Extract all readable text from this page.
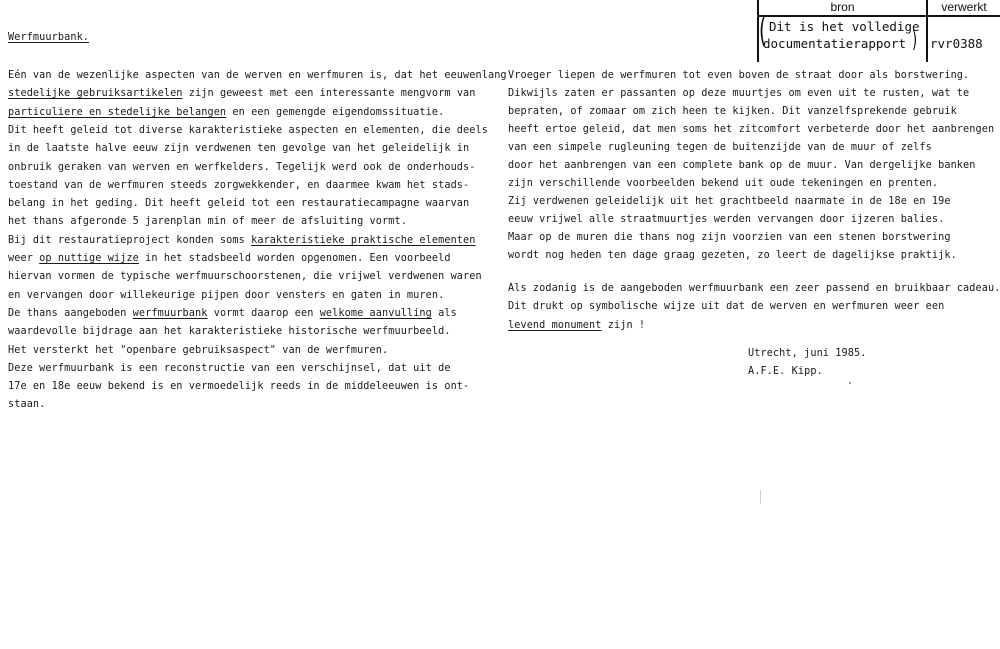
bron	verwerkt
( Dit is het volledige
documentatierapport ) rvr0388
Werfmuurbank.
Eén van de wezenlijke aspecten van de werven en werfmuren is, dat het eeuwenlang
stedelijke gebruiksartikelen zijn geweest met een interessante mengvorm van
particuliere en stedelijke belangen en een gemengde eigendomssituatie.
Dit heeft geleid tot diverse karakteristieke aspecten en elementen, die deels
in de laatste halve eeuw zijn verdwenen ten gevolge van het geleidelijk in
onbruik geraken van werven en werfkelders. Tegelijk werd ook de onderhouds-
toestand van de werfmuren steeds zorgwekkender, en daarmee kwam het stads-
belang in het geding. Dit heeft geleid tot een restauratiecampagne waarvan
het thans afgeronde 5 jarenplan min of meer de afsluiting vormt.
Bij dit restauratieproject konden soms karakteristieke praktische elementen
weer op nuttige wijze in het stadsbeeld worden opgenomen. Een voorbeeld
hiervan vormen de typische werfmuurschoorstenen, die vrijwel verdwenen waren
en vervangen door willekeurige pijpen door vensters en gaten in muren.
De thans aangeboden werfmuurbank vormt daarop een welkome aanvulling als
waardevolle bijdrage aan het karakteristieke historische werfmuurbeeld.
Het versterkt het "openbare gebruiksaspect" van de werfmuren.
Deze werfmuurbank is een reconstructie van een verschijnsel, dat uit de
17e en 18e eeuw bekend is en vermoedelijk reeds in de middeleeuwen is ont-
staan.
Vroeger liepen de werfmuren tot even boven de straat door als borstwering.
Dikwijls zaten er passanten op deze muurtjes om even uit te rusten, wat te
bepraten, of zomaar om zich heen te kijken. Dit vanzelfsprekende gebruik
heeft ertoe geleid, dat men soms het zitcomfort verbeterde door het aanbrengen
van een simpele rugleuning tegen de buitenzijde van de muur of zelfs
door het aanbrengen van een complete bank op de muur. Van dergelijke banken
zijn verschillende voorbeelden bekend uit oude tekeningen en prenten.
Zij verdwenen geleidelijk uit het grachtbeeld naarmate in de 18e en 19e
eeuw vrijwel alle straatmuurtjes werden vervangen door ijzeren balies.
Maar op de muren die thans nog zijn voorzien van een stenen borstwering
wordt nog heden ten dage graag gezeten, zo leert de dagelijkse praktijk.
Als zodanig is de aangeboden werfmuurbank een zeer passend en bruikbaar cadeau.
Dit drukt op symbolische wijze uit dat de werven en werfmuren weer een
levend monument zijn !
Utrecht, juni 1985.
A.F.E. Kipp.
